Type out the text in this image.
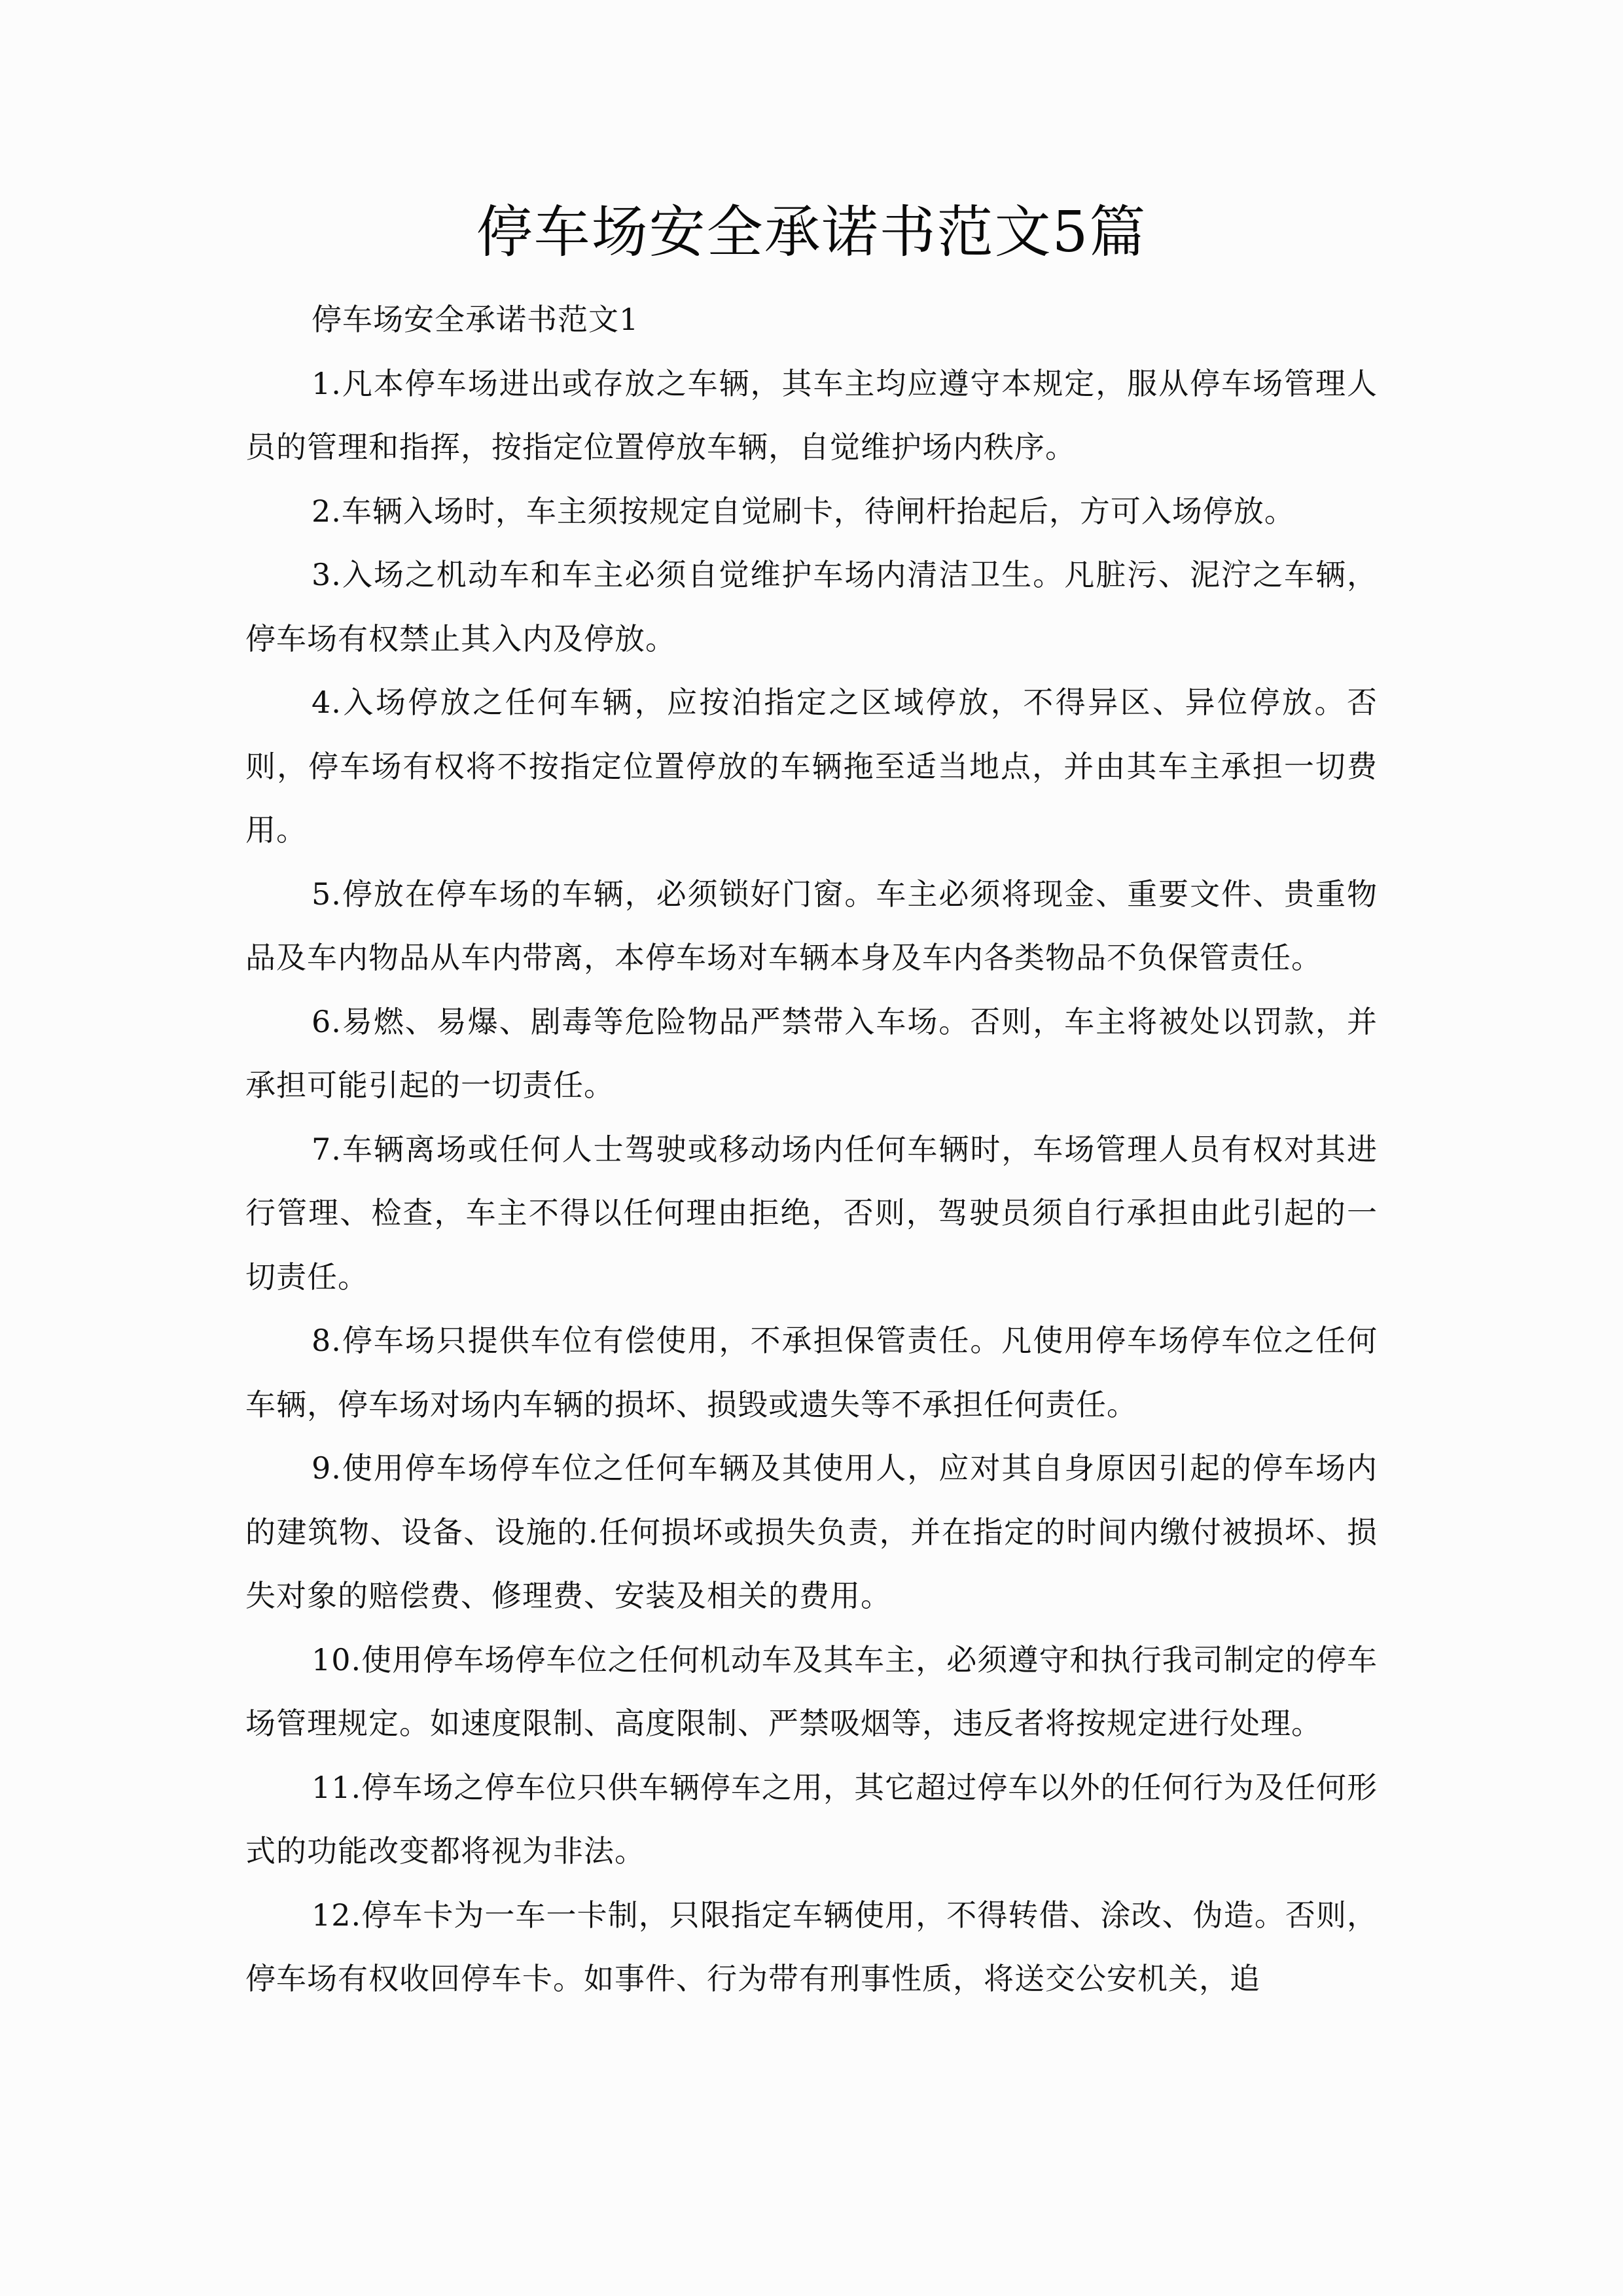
停车场安全承诺书范文5篇

停车场安全承诺书范文1

1.凡本停车场进出或存放之车辆，其车主均应遵守本规定，服从停车场管理人员的管理和指挥，按指定位置停放车辆，自觉维护场内秩序。

2.车辆入场时，车主须按规定自觉刷卡，待闸杆抬起后，方可入场停放。

3.入场之机动车和车主必须自觉维护车场内清洁卫生。凡脏污、泥泞之车辆，停车场有权禁止其入内及停放。

4.入场停放之任何车辆，应按泊指定之区域停放，不得异区、异位停放。否则，停车场有权将不按指定位置停放的车辆拖至适当地点，并由其车主承担一切费用。

5.停放在停车场的车辆，必须锁好门窗。车主必须将现金、重要文件、贵重物品及车内物品从车内带离，本停车场对车辆本身及车内各类物品不负保管责任。

6.易燃、易爆、剧毒等危险物品严禁带入车场。否则，车主将被处以罚款，并承担可能引起的一切责任。

7.车辆离场或任何人士驾驶或移动场内任何车辆时，车场管理人员有权对其进行管理、检查，车主不得以任何理由拒绝，否则，驾驶员须自行承担由此引起的一切责任。

8.停车场只提供车位有偿使用，不承担保管责任。凡使用停车场停车位之任何车辆，停车场对场内车辆的损坏、损毁或遗失等不承担任何责任。

9.使用停车场停车位之任何车辆及其使用人，应对其自身原因引起的停车场内的建筑物、设备、设施的.任何损坏或损失负责，并在指定的时间内缴付被损坏、损失对象的赔偿费、修理费、安装及相关的费用。

10.使用停车场停车位之任何机动车及其车主，必须遵守和执行我司制定的停车场管理规定。如速度限制、高度限制、严禁吸烟等，违反者将按规定进行处理。

11.停车场之停车位只供车辆停车之用，其它超过停车以外的任何行为及任何形式的功能改变都将视为非法。

12.停车卡为一车一卡制，只限指定车辆使用，不得转借、涂改、伪造。否则，停车场有权收回停车卡。如事件、行为带有刑事性质，将送交公安机关，追
